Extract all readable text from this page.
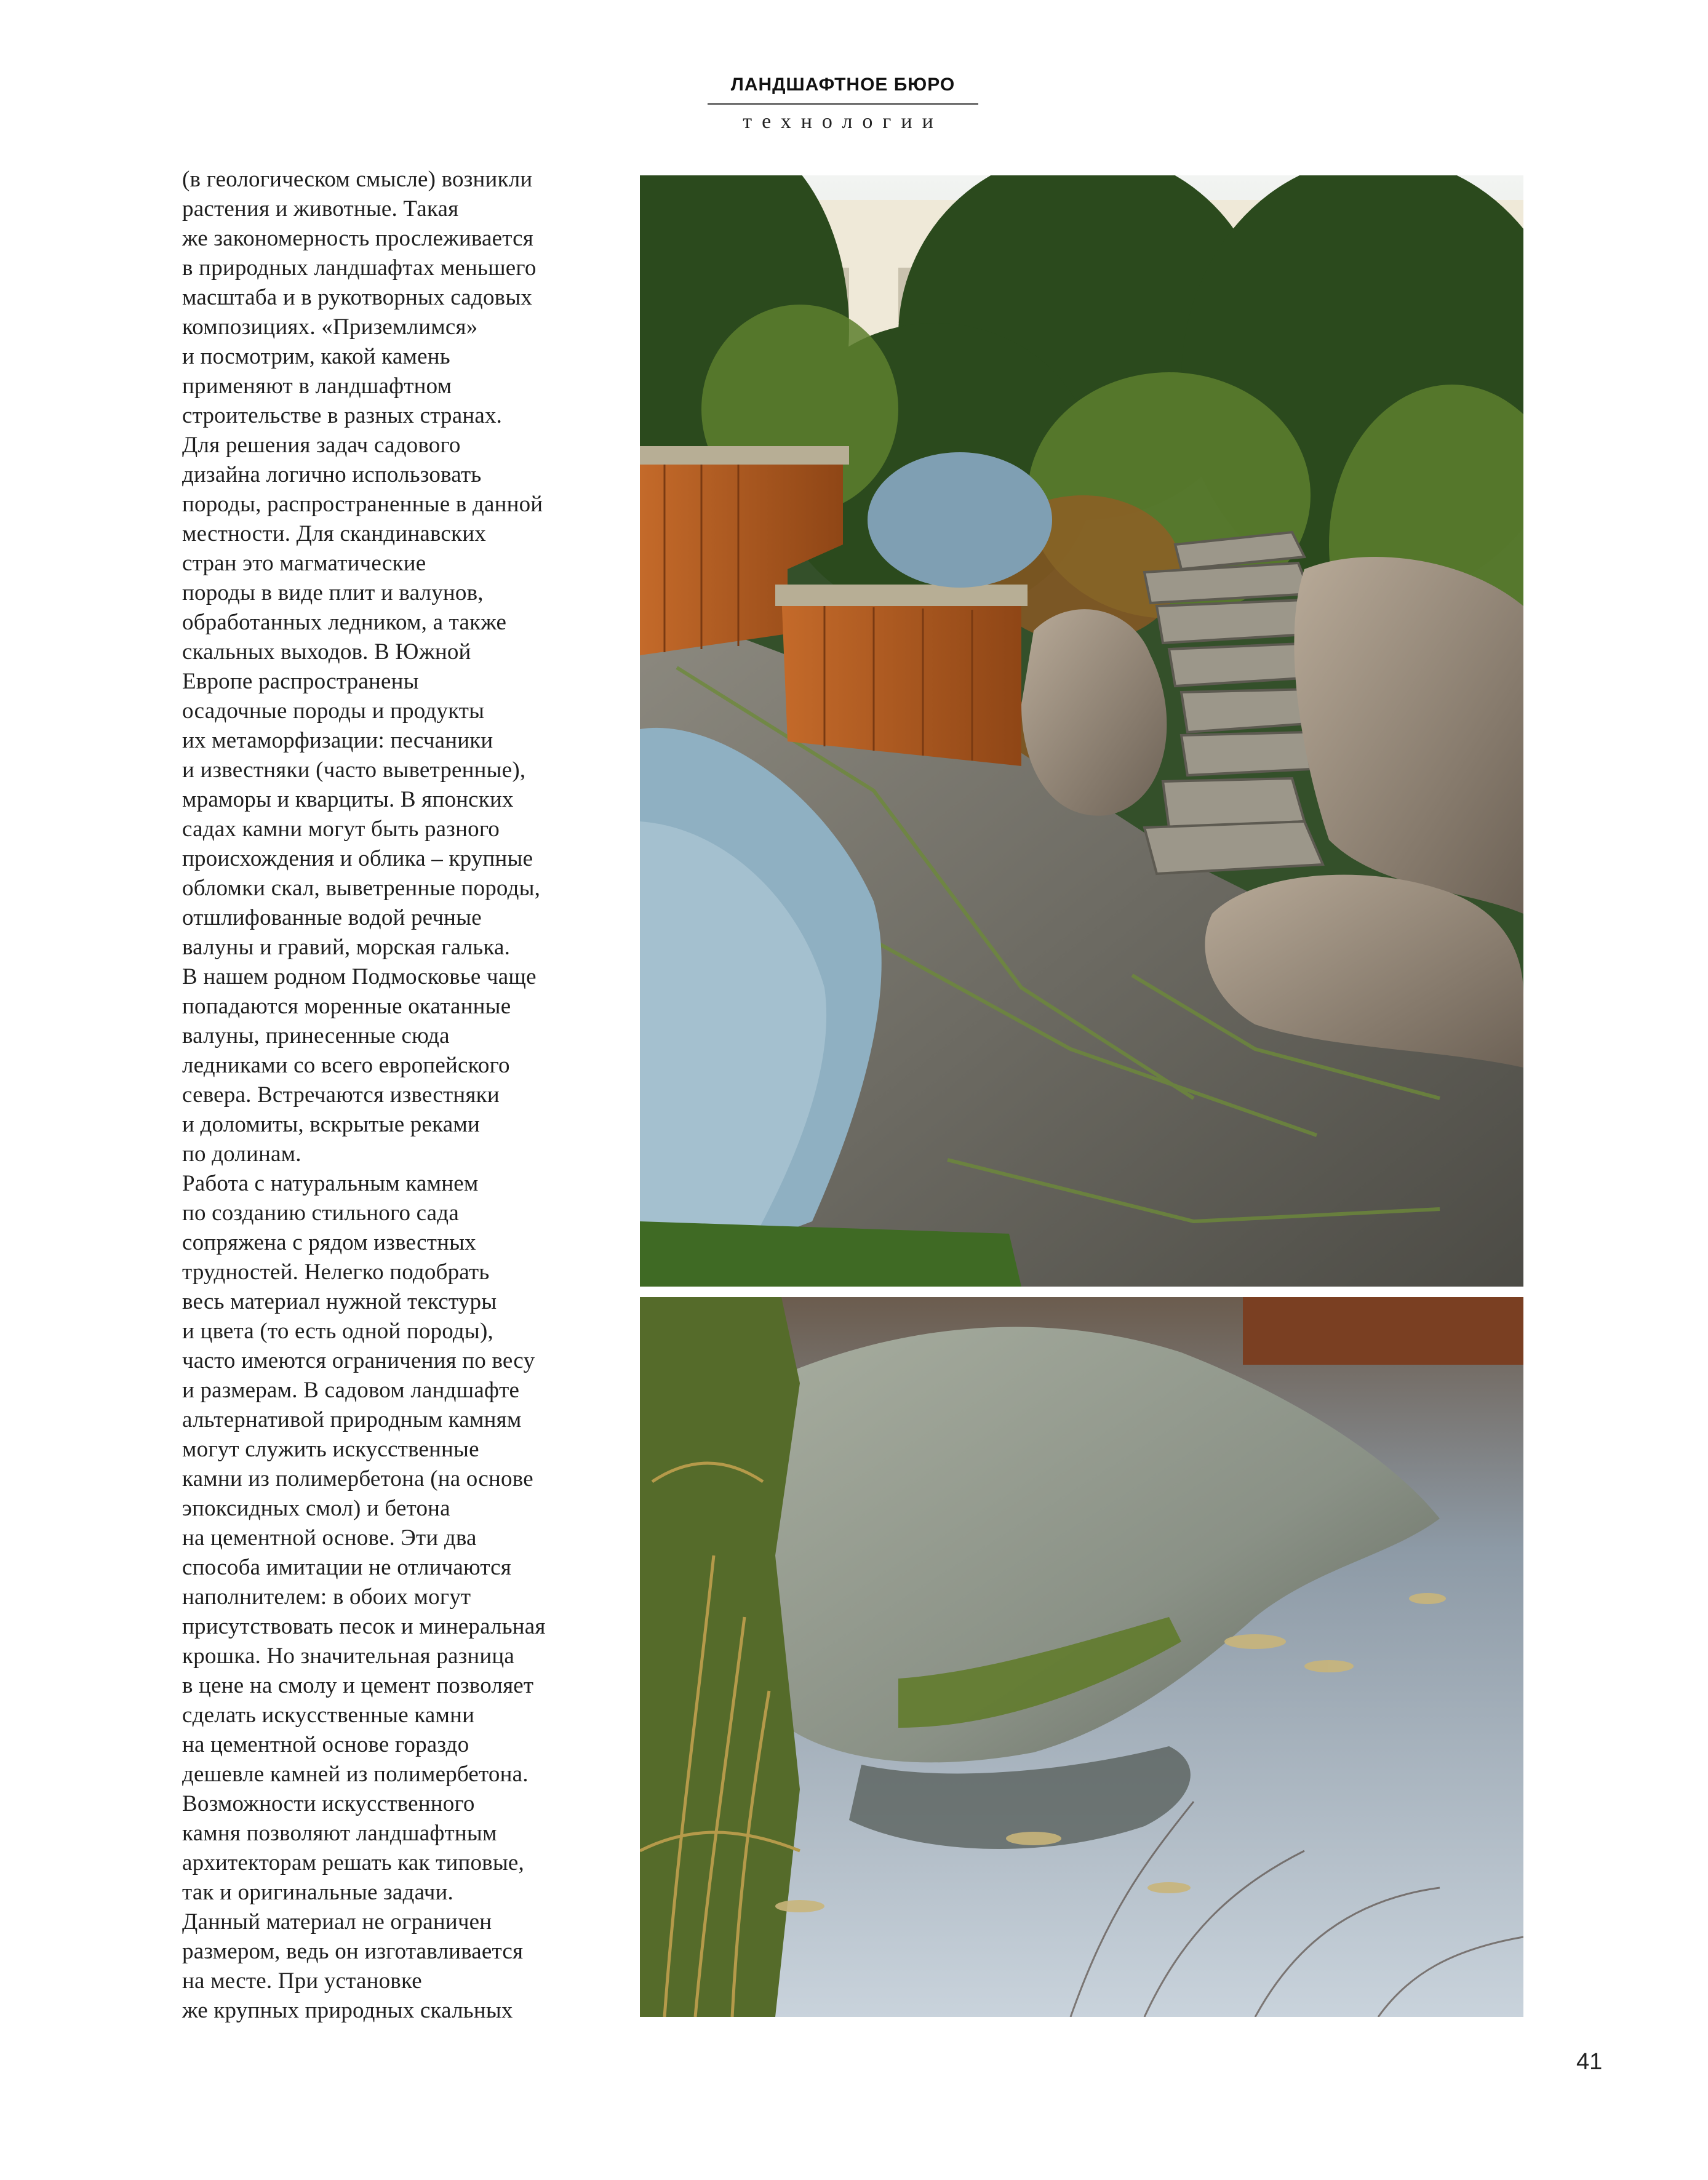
ЛАНДШАФТНОЕ БЮРО
технологии
(в геологическом смысле) возникли
растения и животные. Такая
же закономерность прослеживается
в природных ландшафтах меньшего
масштаба и в рукотворных садовых
композициях. «Приземлимся»
и посмотрим, какой камень
применяют в ландшафтном
строительстве в разных странах.
Для решения задач садового
дизайна логично использовать
породы, распространенные в данной
местности. Для скандинавских
стран это магматические
породы в виде плит и валунов,
обработанных ледником, а также
скальных выходов. В Южной
Европе распространены
осадочные породы и продукты
их метаморфизации: песчаники
и известняки (часто выветренные),
мраморы и кварциты. В японских
садах камни могут быть разного
происхождения и облика – крупные
обломки скал, выветренные породы,
отшлифованные водой речные
валуны и гравий, морская галька.
В нашем родном Подмосковье чаще
попадаются моренные окатанные
валуны, принесенные сюда
ледниками со всего европейского
севера. Встречаются известняки
и доломиты, вскрытые реками
по долинам.
Работа с натуральным камнем
по созданию стильного сада
сопряжена с рядом известных
трудностей. Нелегко подобрать
весь материал нужной текстуры
и цвета (то есть одной породы),
часто имеются ограничения по весу
и размерам. В садовом ландшафте
альтернативой природным камням
могут служить искусственные
камни из полимербетона (на основе
эпоксидных смол) и бетона
на цементной основе. Эти два
способа имитации не отличаются
наполнителем: в обоих могут
присутствовать песок и минеральная
крошка. Но значительная разница
в цене на смолу и цемент позволяет
сделать искусственные камни
на цементной основе гораздо
дешевле камней из полимербетона.
Возможности искусственного
камня позволяют ландшафтным
архитекторам решать как типовые,
так и оригинальные задачи.
Данный материал не ограничен
размером, ведь он изготавливается
на месте. При установке
же крупных природных скальных
41
